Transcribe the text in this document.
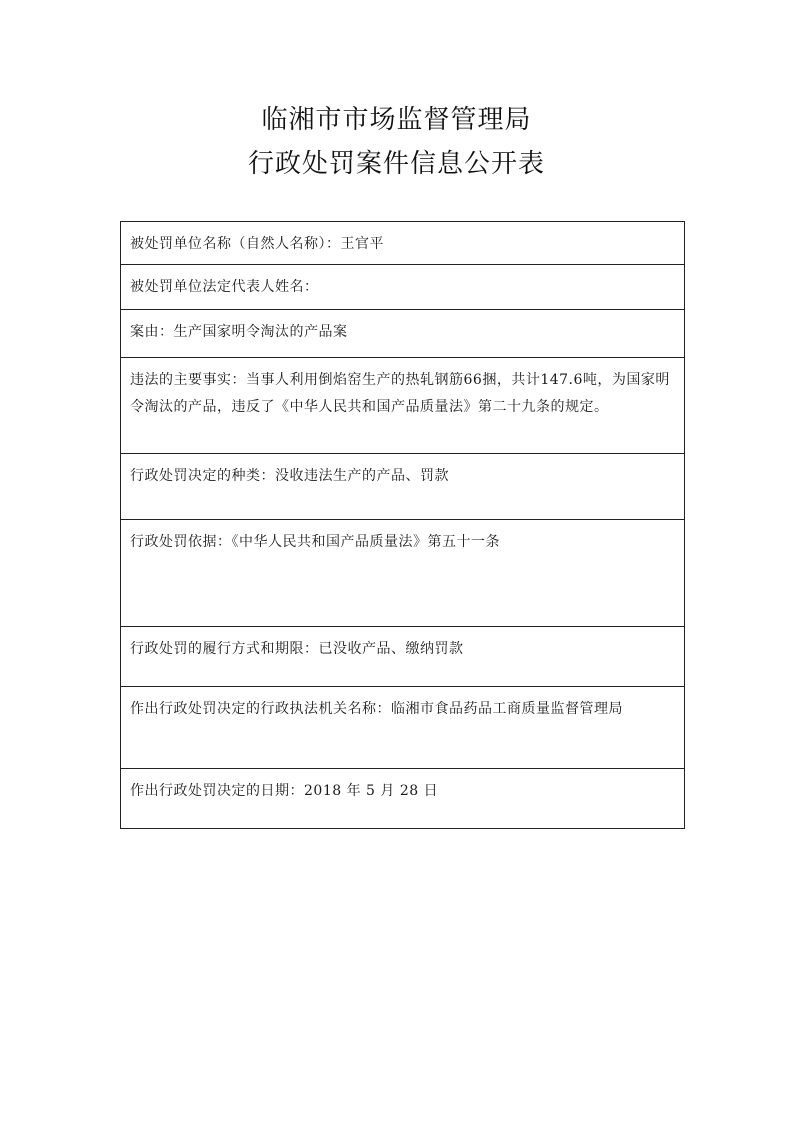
临湘市市场监督管理局
行政处罚案件信息公开表
被处罚单位名称（自然人名称）：王官平
被处罚单位法定代表人姓名：
案由：生产国家明令淘汰的产品案
违法的主要事实：当事人利用倒焰窑生产的热轧钢筋66捆，共计147.6吨，为国家明令淘汰的产品，违反了《中华人民共和国产品质量法》第二十九条的规定。
行政处罚决定的种类：没收违法生产的产品、罚款
行政处罚依据：《中华人民共和国产品质量法》第五十一条
行政处罚的履行方式和期限：已没收产品、缴纳罚款
作出行政处罚决定的行政执法机关名称：临湘市食品药品工商质量监督管理局
作出行政处罚决定的日期：2018 年 5 月 28 日
